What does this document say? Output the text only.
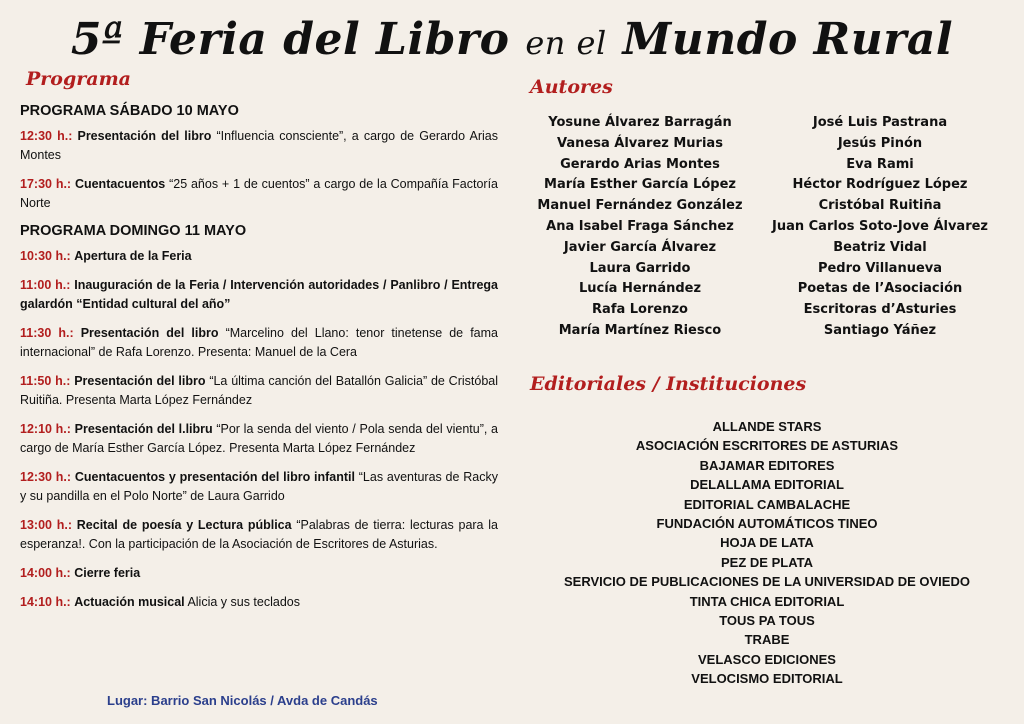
5ª Feria del Libro en el Mundo Rural
Programa
PROGRAMA SÁBADO 10 MAYO
12:30 h.: Presentación del libro “Influencia consciente”, a cargo de Gerardo Arias Montes
17:30 h.: Cuentacuentos “25 años + 1 de cuentos” a cargo de la Compañía Factoría Norte
PROGRAMA DOMINGO 11 MAYO
10:30 h.: Apertura de la Feria
11:00 h.: Inauguración de la Feria / Intervención autoridades / Panlibro / Entrega galardón “Entidad cultural del año”
11:30 h.: Presentación del libro “Marcelino del Llano: tenor tinetense de fama internacional” de Rafa Lorenzo. Presenta: Manuel de la Cera
11:50 h.: Presentación del libro “La última canción del Batallón Galicia” de Cristóbal Ruitiña. Presenta Marta López Fernández
12:10 h.: Presentación del l.libru “Por la senda del viento / Pola senda del vientu”, a cargo de María Esther García López. Presenta Marta López Fernández
12:30 h.: Cuentacuentos y presentación del libro infantil “Las aventuras de Racky y su pandilla en el Polo Norte” de Laura Garrido
13:00 h.: Recital de poesía y Lectura pública “Palabras de tierra: lecturas para la esperanza!. Con la participación de la Asociación de Escritores de Asturias.
14:00 h.: Cierre feria
14:10 h.: Actuación musical Alicia y sus teclados
Lugar: Barrio San Nicolás / Avda de Candás
Autores
Yosune Álvarez Barragán
Vanesa Álvarez Murias
Gerardo Arias Montes
María Esther García López
Manuel Fernández González
Ana Isabel Fraga Sánchez
Javier García Álvarez
Laura Garrido
Lucía Hernández
Rafa Lorenzo
María Martínez Riesco
José Luis Pastrana
Jesús Pinón
Eva Rami
Héctor Rodríguez López
Cristóbal Ruitiña
Juan Carlos Soto-Jove Álvarez
Beatriz Vidal
Pedro Villanueva
Poetas de l’Asociación
Escritoras d’Asturies
Santiago Yáñez
Editoriales / Instituciones
ALLANDE STARS
ASOCIACIÓN ESCRITORES DE ASTURIAS
BAJAMAR EDITORES
DELALLAMA EDITORIAL
EDITORIAL CAMBALACHE
FUNDACIÓN AUTOMÁTICOS TINEO
HOJA DE LATA
PEZ DE PLATA
SERVICIO DE PUBLICACIONES DE LA UNIVERSIDAD DE OVIEDO
TINTA CHICA EDITORIAL
TOUS PA TOUS
TRABE
VELASCO EDICIONES
VELOCISMO EDITORIAL
